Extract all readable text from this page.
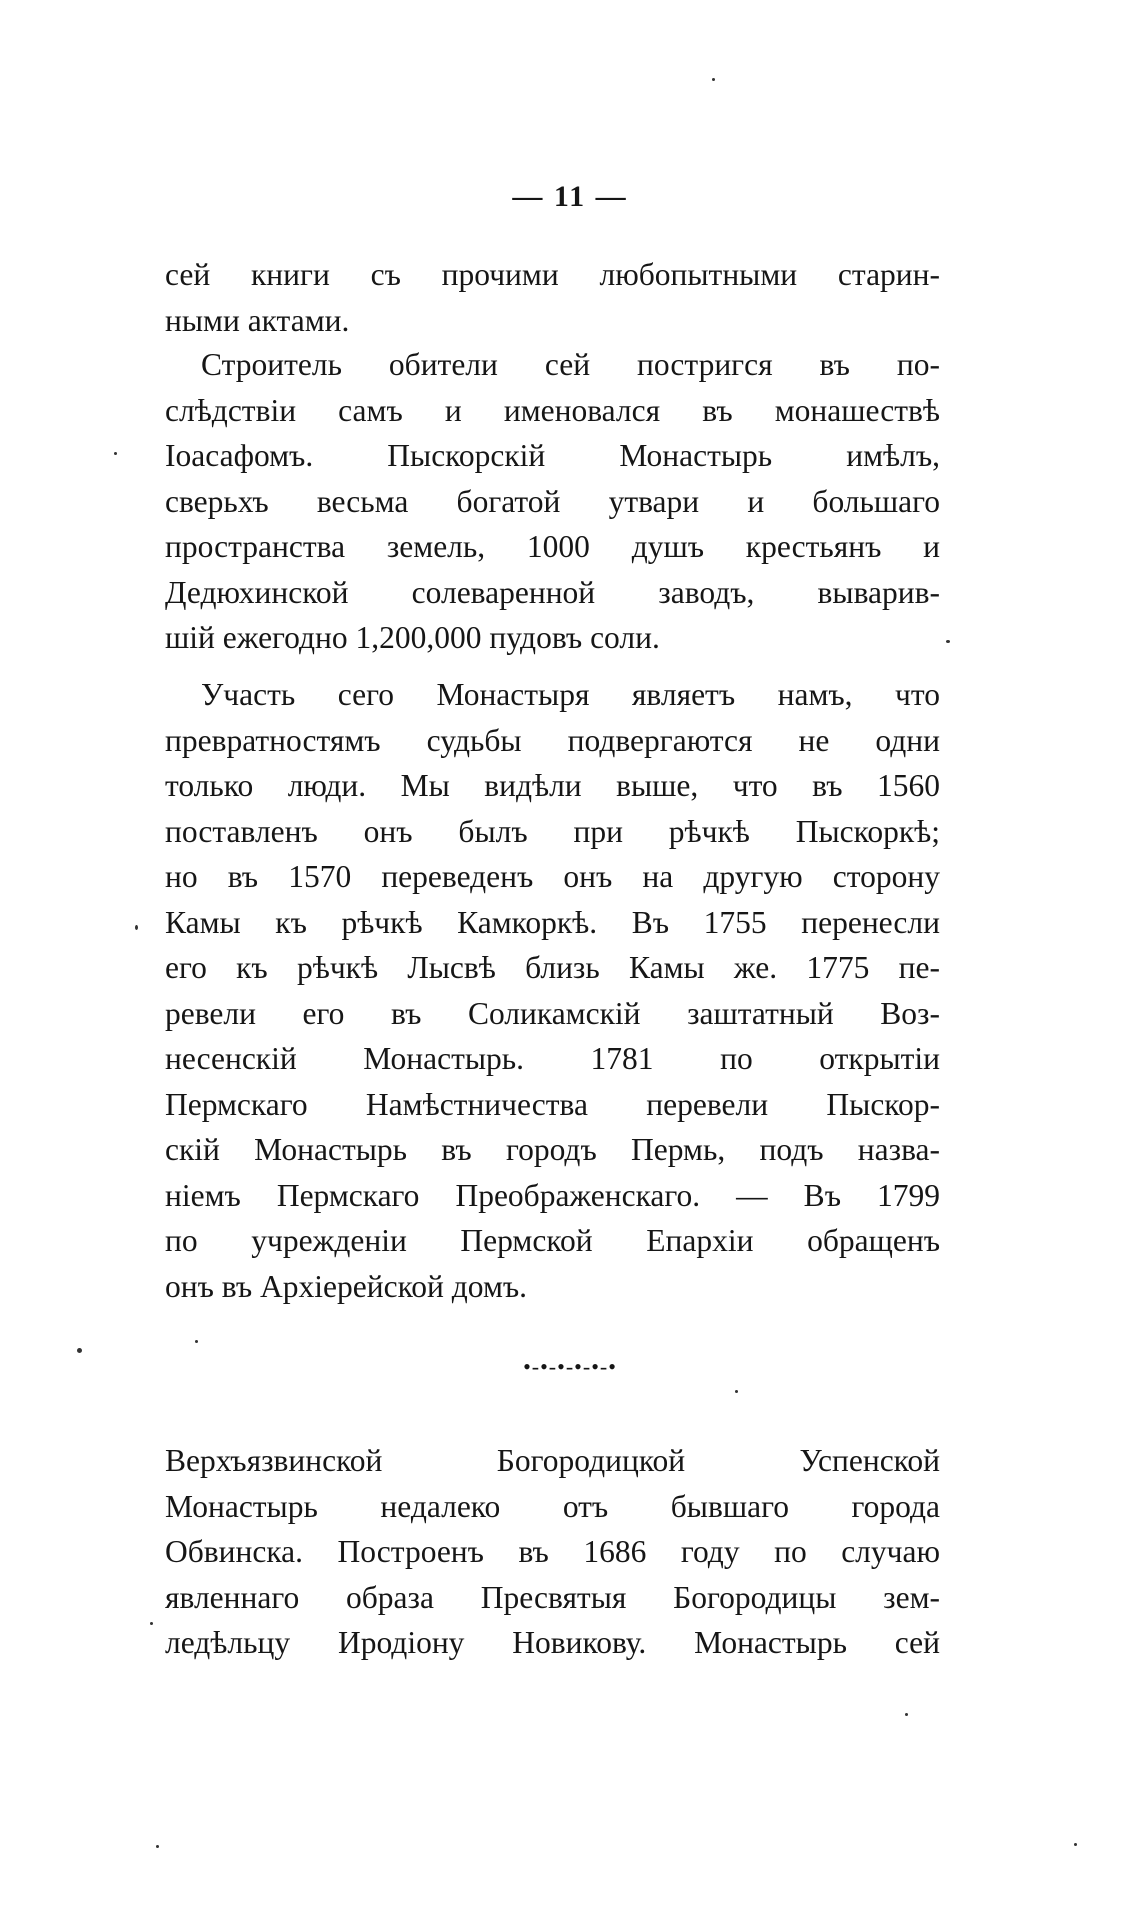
— 11 —
сей книги съ прочими любопытными старин-
ными актами.
Строитель обители сей постригся въ по-
слѣдствіи самъ и именовался въ монашествѣ
Іоасафомъ. Пыскорскій Монастырь имѣлъ,
сверьхъ весьма богатой утвари и большаго
пространства земель, 1000 душъ крестьянъ и
Дедюхинской солеваренной заводъ, выварив-
шій ежегодно 1,200,000 пудовъ соли.
Участь сего Монастыря являетъ намъ, что
превратностямъ судьбы подвергаются не одни
только люди. Мы видѣли выше, что въ 1560
поставленъ онъ былъ при рѣчкѣ Пыскоркѣ;
но въ 1570 переведенъ онъ на другую сторону
Камы къ рѣчкѣ Камкоркѣ. Въ 1755 перенесли
его къ рѣчкѣ Лысвѣ близь Камы же. 1775 пе-
ревели его въ Соликамскій заштатный Воз-
несенскій Монастырь. 1781 по открытіи
Пермскаго Намѣстничества перевели Пыскор-
скій Монастырь въ городъ Пермь, подъ назва-
ніемъ Пермскаго Преображенскаго. — Въ 1799
по учрежденіи Пермской Епархіи обращенъ
онъ въ Архіерейской домъ.
•-•-•-•-•-•
Верхъязвинской Богородицкой Успенской
Монастырь недалеко отъ бывшаго города
Обвинска. Построенъ въ 1686 году по случаю
явленнаго образа Пресвятыя Богородицы зем-
ледѣльцу Иродіону Новикову. Монастырь сей
